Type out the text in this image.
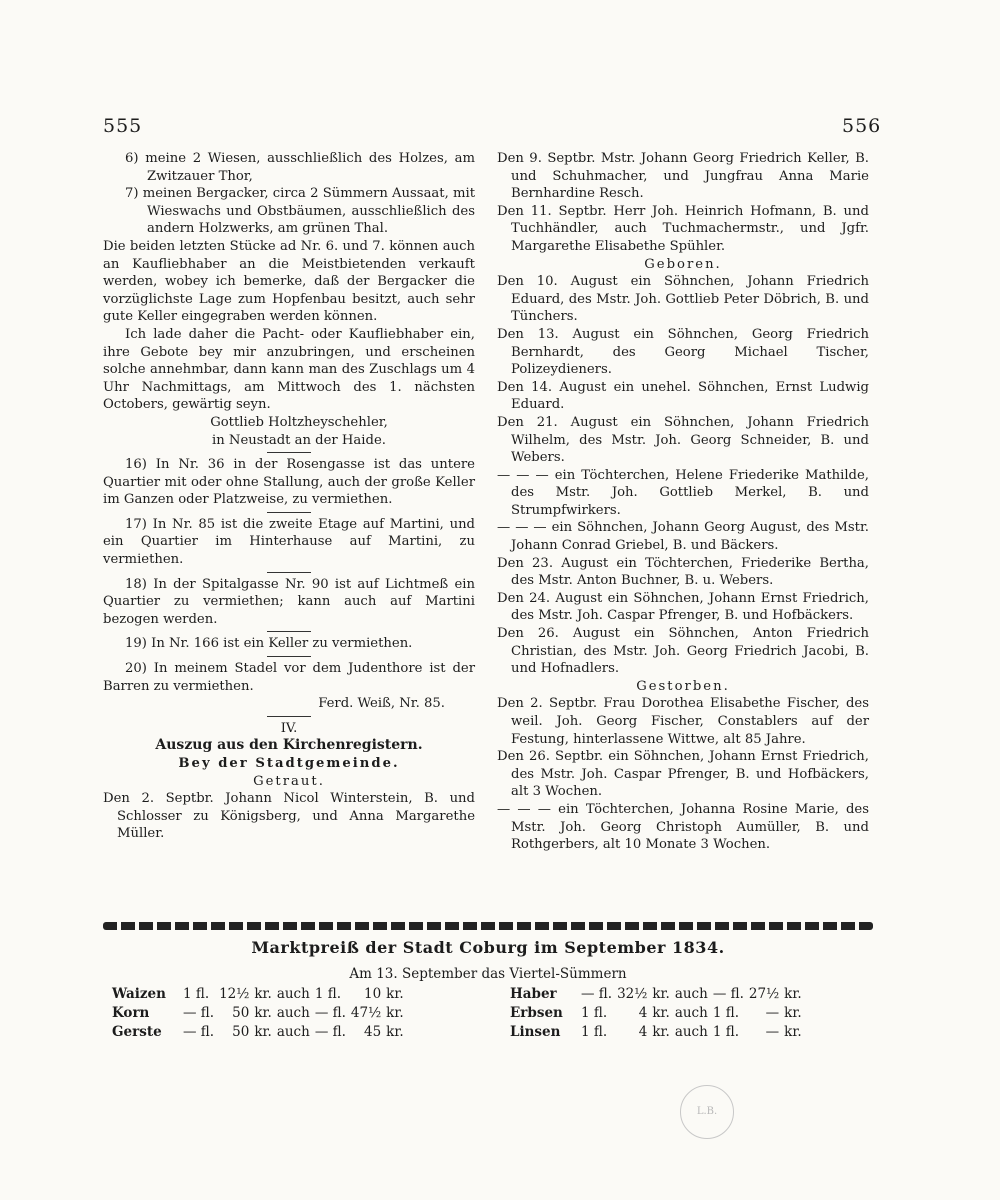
555	556

6) meine 2 Wiesen, ausschließlich des Holzes, am Zwitzauer Thor,

7) meinen Bergacker, circa 2 Sümmern Aussaat, mit Wieswachs und Obstbäumen, ausschließlich des andern Holzwerks, am grünen Thal.

Die beiden letzten Stücke ad Nr. 6. und 7. können auch an Kaufliebhaber an die Meistbietenden verkauft werden, wobey ich bemerke, daß der Bergacker die vorzüglichste Lage zum Hopfenbau besitzt, auch sehr gute Keller eingegraben werden können.

Ich lade daher die Pacht- oder Kaufliebhaber ein, ihre Gebote bey mir anzubringen, und erscheinen solche annehmbar, dann kann man des Zuschlags um 4 Uhr Nachmittags, am Mittwoch des 1. nächsten Octobers, gewärtig seyn.

Gottlieb Holtzheyschehler,

in Neustadt an der Haide.

16) In Nr. 36 in der Rosengasse ist das untere Quartier mit oder ohne Stallung, auch der große Keller im Ganzen oder Platzweise, zu vermiethen.

17) In Nr. 85 ist die zweite Etage auf Martini, und ein Quartier im Hinterhause auf Martini, zu vermiethen.

18) In der Spitalgasse Nr. 90 ist auf Lichtmeß ein Quartier zu vermiethen; kann auch auf Martini bezogen werden.

19) In Nr. 166 ist ein Keller zu vermiethen.

20) In meinem Stadel vor dem Judenthore ist der Barren zu vermiethen.

Ferd. Weiß, Nr. 85.

IV.

Auszug aus den Kirchenregistern.

Bey der Stadtgemeinde.

Getraut.

Den 2. Septbr. Johann Nicol Winterstein, B. und Schlosser zu Königsberg, und Anna Margarethe Müller.

Den 9. Septbr. Mstr. Johann Georg Friedrich Keller, B. und Schuhmacher, und Jungfrau Anna Marie Bernhardine Resch.

Den 11. Septbr. Herr Joh. Heinrich Hofmann, B. und Tuchhändler, auch Tuchmachermstr., und Jgfr. Margarethe Elisabethe Spühler.

Geboren.

Den 10. August ein Söhnchen, Johann Friedrich Eduard, des Mstr. Joh. Gottlieb Peter Döbrich, B. und Tünchers.

Den 13. August ein Söhnchen, Georg Friedrich Bernhardt, des Georg Michael Tischer, Polizeydieners.

Den 14. August ein unehel. Söhnchen, Ernst Ludwig Eduard.

Den 21. August ein Söhnchen, Johann Friedrich Wilhelm, des Mstr. Joh. Georg Schneider, B. und Webers.

— — — ein Töchterchen, Helene Friederike Mathilde, des Mstr. Joh. Gottlieb Merkel, B. und Strumpfwirkers.

— — — ein Söhnchen, Johann Georg August, des Mstr. Johann Conrad Griebel, B. und Bäckers.

Den 23. August ein Töchterchen, Friederike Bertha, des Mstr. Anton Buchner, B. u. Webers.

Den 24. August ein Söhnchen, Johann Ernst Friedrich, des Mstr. Joh. Caspar Pfrenger, B. und Hofbäckers.

Den 26. August ein Söhnchen, Anton Friedrich Christian, des Mstr. Joh. Georg Friedrich Jacobi, B. und Hofnadlers.

Gestorben.

Den 2. Septbr. Frau Dorothea Elisabethe Fischer, des weil. Joh. Georg Fischer, Constablers auf der Festung, hinterlassene Wittwe, alt 85 Jahre.

Den 26. Septbr. ein Söhnchen, Johann Ernst Friedrich, des Mstr. Joh. Caspar Pfrenger, B. und Hofbäckers, alt 3 Wochen.

— — — ein Töchterchen, Johanna Rosine Marie, des Mstr. Joh. Georg Christoph Aumüller, B. und Rothgerbers, alt 10 Monate 3 Wochen.

Marktpreiß der Stadt Coburg im September 1834.
Am 13. September das Viertel-Sümmern
Waizen	1 fl.	12½	kr.	auch	1 fl.	10	kr.
Korn	— fl.	50	kr.	auch	— fl.	47½	kr.
Gerste	— fl.	50	kr.	auch	— fl.	45	kr.
Haber	— fl.	32½	kr.	auch	— fl.	27½	kr.
Erbsen	1 fl.	4	kr.	auch	1 fl.	—	kr.
Linsen	1 fl.	4	kr.	auch	1 fl.	—	kr.
L.B.
